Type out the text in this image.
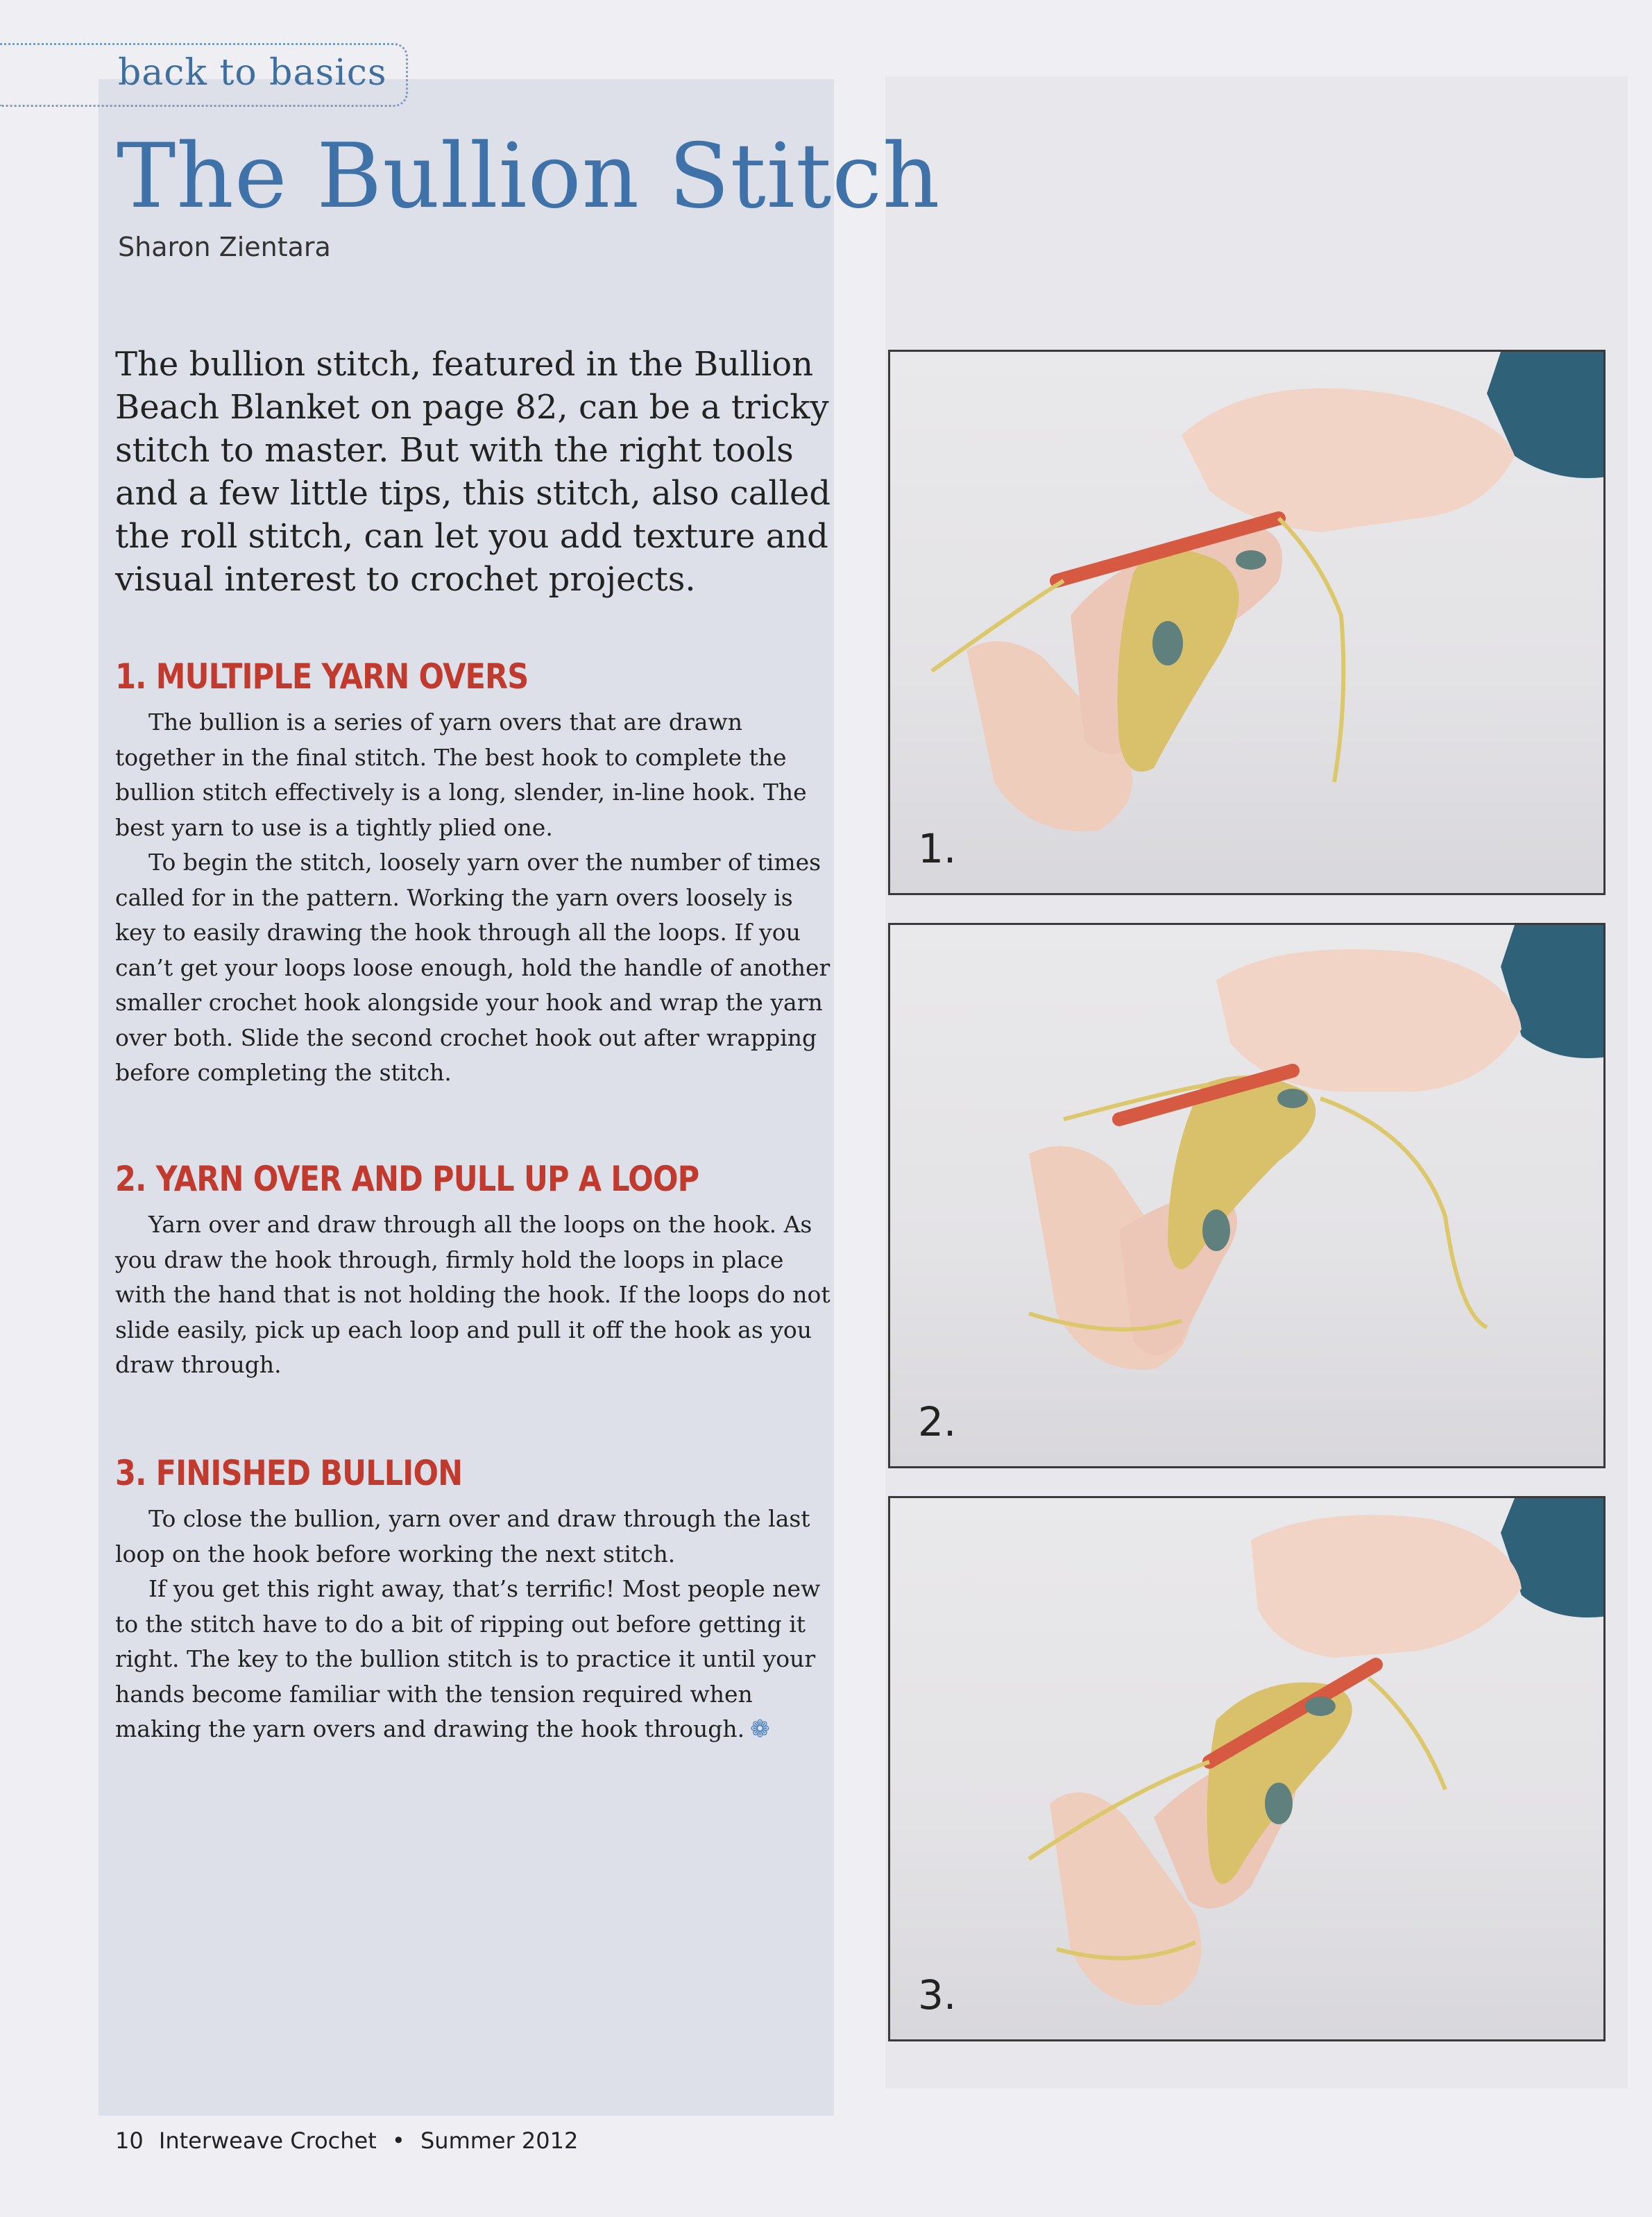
back to basics
The Bullion Stitch
Sharon Zientara

The bullion stitch, featured in the Bullion Beach Blanket on page 82, can be a tricky stitch to master. But with the right tools and a few little tips, this stitch, also called the roll stitch, can let you add texture and visual interest to crochet projects.

1. MULTIPLE YARN OVERS

The bullion is a series of yarn overs that are drawn together in the final stitch. The best hook to complete the bullion stitch effectively is a long, slender, in-line hook. The best yarn to use is a tightly plied one.

To begin the stitch, loosely yarn over the number of times called for in the pattern. Working the yarn overs loosely is key to easily drawing the hook through all the loops. If you can’t get your loops loose enough, hold the handle of another smaller crochet hook alongside your hook and wrap the yarn over both. Slide the second crochet hook out after wrapping before completing the stitch.

2. YARN OVER AND PULL UP A LOOP

Yarn over and draw through all the loops on the hook. As you draw the hook through, firmly hold the loops in place with the hand that is not holding the hook. If the loops do not slide easily, pick up each loop and pull it off the hook as you draw through.

3. FINISHED BULLION

To close the bullion, yarn over and draw through the last loop on the hook before working the next stitch.

If you get this right away, that’s terrific! Most people new to the stitch have to do a bit of ripping out before getting it right. The key to the bullion stitch is to practice it until your hands become familiar with the tension required when making the yarn overs and drawing the hook through. ❁

1.
2.
3.
10 Interweave Crochet • Summer 2012
